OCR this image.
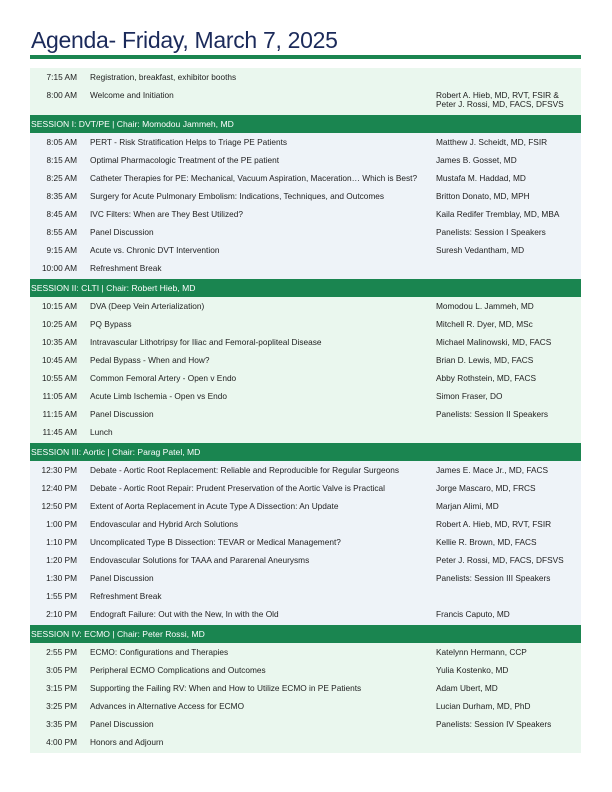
Agenda- Friday, March 7, 2025
7:15 AM Registration, breakfast, exhibitor booths
8:00 AM Welcome and Initiation	Robert A. Hieb, MD, RVT, FSIR & Peter J. Rossi, MD, FACS, DFSVS
SESSION I: DVT/PE | Chair: Momodou Jammeh, MD
8:05 AM PERT - Risk Stratification Helps to Triage PE Patients	Matthew J. Scheidt, MD, FSIR
8:15 AM Optimal Pharmacologic Treatment of the PE patient	James B. Gosset, MD
8:25 AM Catheter Therapies for PE: Mechanical, Vacuum Aspiration, Maceration… Which is Best?	Mustafa M. Haddad, MD
8:35 AM Surgery for Acute Pulmonary Embolism: Indications, Techniques, and Outcomes	Britton Donato, MD, MPH
8:45 AM IVC Filters: When are They Best Utilized?	Kaila Redifer Tremblay, MD, MBA
8:55 AM Panel Discussion	Panelists: Session I Speakers
9:15 AM Acute vs. Chronic DVT Intervention	Suresh Vedantham, MD
10:00 AM Refreshment Break
SESSION II: CLTI | Chair: Robert Hieb, MD
10:15 AM DVA (Deep Vein Arterialization)	Momodou L. Jammeh, MD
10:25 AM PQ Bypass	Mitchell R. Dyer, MD, MSc
10:35 AM Intravascular Lithotripsy for Iliac and Femoral-popliteal Disease	Michael Malinowski, MD, FACS
10:45 AM Pedal Bypass - When and How?	Brian D. Lewis, MD, FACS
10:55 AM Common Femoral Artery - Open v Endo	Abby Rothstein, MD, FACS
11:05 AM Acute Limb Ischemia - Open vs Endo	Simon Fraser, DO
11:15 AM Panel Discussion	Panelists: Session II Speakers
11:45 AM Lunch
SESSION III: Aortic | Chair: Parag Patel, MD
12:30 PM Debate - Aortic Root Replacement: Reliable and Reproducible for Regular Surgeons	James E. Mace Jr., MD, FACS
12:40 PM Debate - Aortic Root Repair: Prudent Preservation of the Aortic Valve is Practical	Jorge Mascaro, MD, FRCS
12:50 PM Extent of Aorta Replacement in Acute Type A Dissection: An Update	Marjan Alimi, MD
1:00 PM Endovascular and Hybrid Arch Solutions	Robert A. Hieb, MD, RVT, FSIR
1:10 PM Uncomplicated Type B Dissection: TEVAR or Medical Management?	Kellie R. Brown, MD, FACS
1:20 PM Endovascular Solutions for TAAA and Pararenal Aneurysms	Peter J. Rossi, MD, FACS, DFSVS
1:30 PM Panel Discussion	Panelists: Session III Speakers
1:55 PM Refreshment Break
2:10 PM Endograft Failure: Out with the New, In with the Old	Francis Caputo, MD
SESSION IV: ECMO | Chair: Peter Rossi, MD
2:55 PM ECMO: Configurations and Therapies	Katelynn Hermann, CCP
3:05 PM Peripheral ECMO Complications and Outcomes	Yulia Kostenko, MD
3:15 PM Supporting the Failing RV: When and How to Utilize ECMO in PE Patients	Adam Ubert, MD
3:25 PM Advances in Alternative Access for ECMO	Lucian Durham, MD, PhD
3:35 PM Panel Discussion	Panelists: Session IV Speakers
4:00 PM Honors and Adjourn
